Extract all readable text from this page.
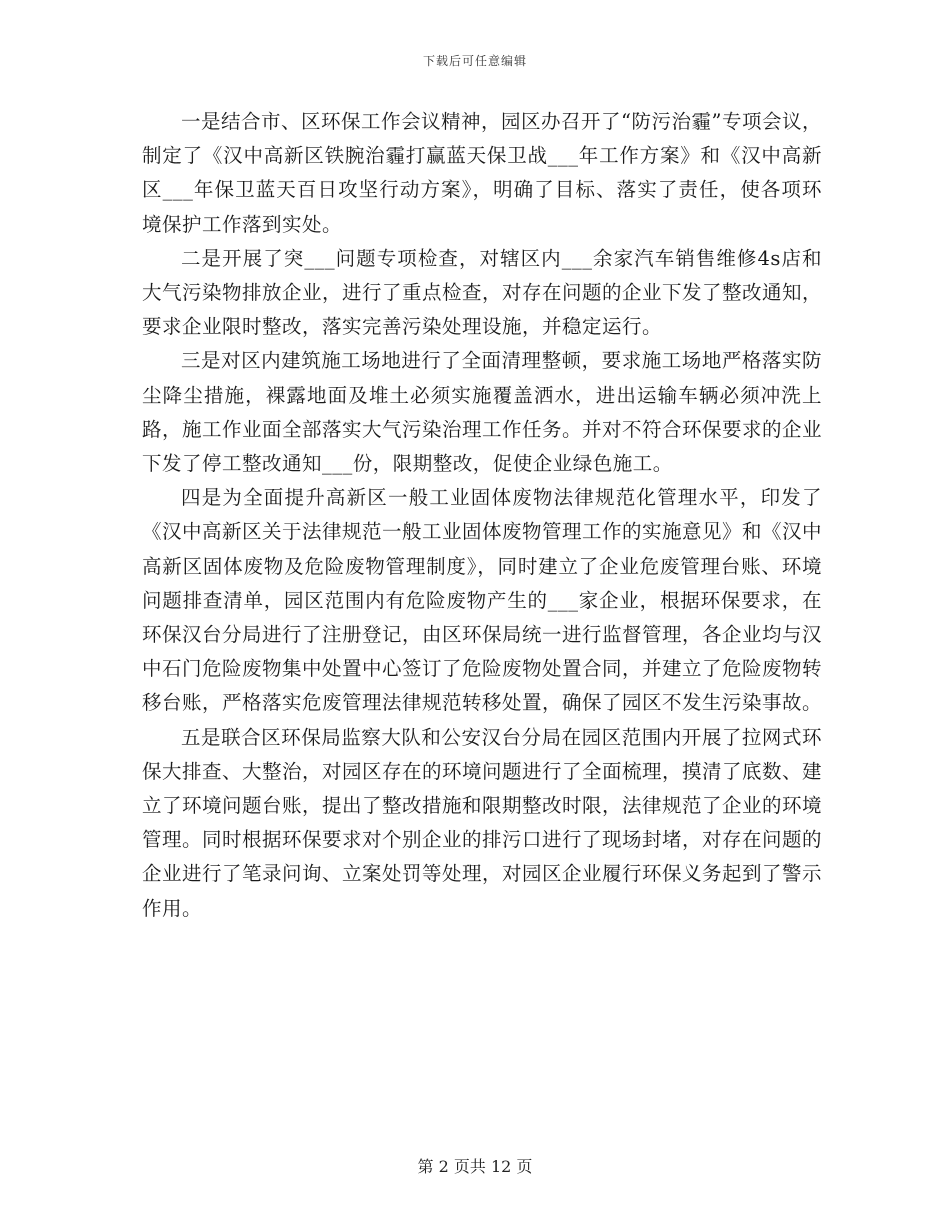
下载后可任意编辑

一是结合市、区环保工作会议精神，园区办召开了“防污治霾”专项会议，制定了《汉中高新区铁腕治霾打赢蓝天保卫战___年工作方案》和《汉中高新区___年保卫蓝天百日攻坚行动方案》，明确了目标、落实了责任，使各项环境保护工作落到实处。

二是开展了突___问题专项检查，对辖区内___余家汽车销售维修4s店和大气污染物排放企业，进行了重点检查，对存在问题的企业下发了整改通知，要求企业限时整改，落实完善污染处理设施，并稳定运行。

三是对区内建筑施工场地进行了全面清理整顿，要求施工场地严格落实防尘降尘措施，裸露地面及堆土必须实施覆盖洒水，进出运输车辆必须冲洗上路，施工作业面全部落实大气污染治理工作任务。并对不符合环保要求的企业下发了停工整改通知___份，限期整改，促使企业绿色施工。

四是为全面提升高新区一般工业固体废物法律规范化管理水平，印发了《汉中高新区关于法律规范一般工业固体废物管理工作的实施意见》和《汉中高新区固体废物及危险废物管理制度》，同时建立了企业危废管理台账、环境问题排查清单，园区范围内有危险废物产生的___家企业，根据环保要求，在环保汉台分局进行了注册登记，由区环保局统一进行监督管理，各企业均与汉中石门危险废物集中处置中心签订了危险废物处置合同，并建立了危险废物转移台账，严格落实危废管理法律规范转移处置，确保了园区不发生污染事故。

五是联合区环保局监察大队和公安汉台分局在园区范围内开展了拉网式环保大排查、大整治，对园区存在的环境问题进行了全面梳理，摸清了底数、建立了环境问题台账，提出了整改措施和限期整改时限，法律规范了企业的环境管理。同时根据环保要求对个别企业的排污口进行了现场封堵，对存在问题的企业进行了笔录问询、立案处罚等处理，对园区企业履行环保义务起到了警示作用。

第 2 页共 12 页
